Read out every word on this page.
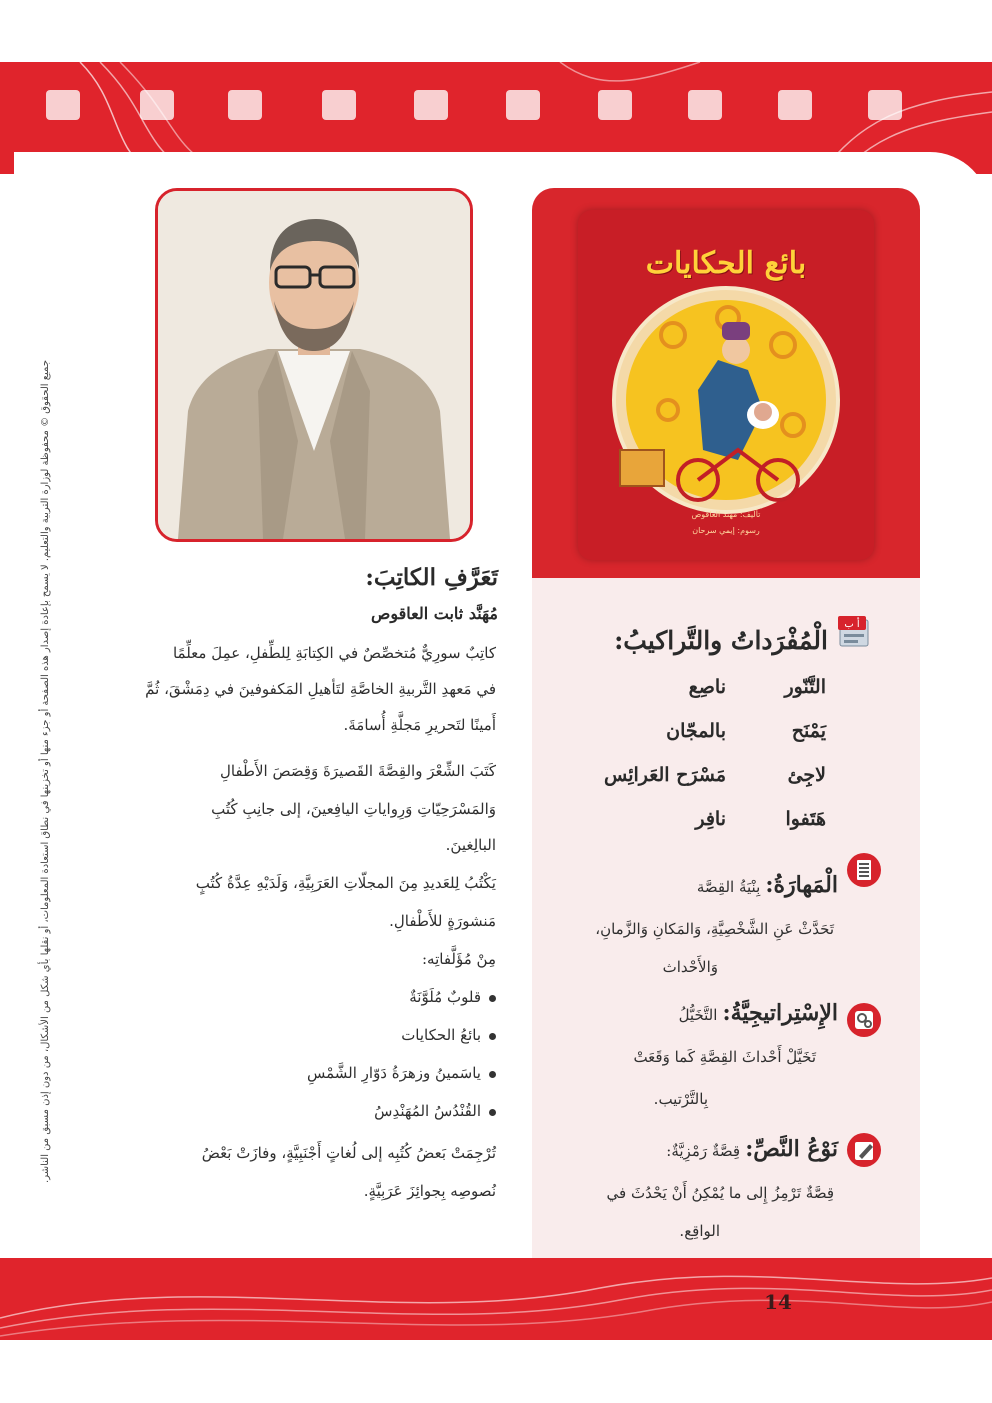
14
جميع الحقوق © محفوظة لوزارة التربية والتعليم. لا يسمح بإعادة إصدار هذه الصفحة أو جزء منها أو تخزينها في نطاق استعادة المعلومات، أو نقلها بأي شكل من الأشكال، من دون إذن مسبق من الناشر.
بائع الحكايات
تأليف: مهند العاقوص
رسوم: إيمي سرحان
أ ب
الْمُفْرَداتُ والتَّراكيبُ:
التَّنّور
ناصِع
يَمْنَح
بالمجّان
لاجِئ
مَسْرَح العَرائِس
هَتَفوا
نافِر
الْمَهارَةُ: بِنْيَةُ القِصَّة
تَحَدَّثْ عَنِ الشَّخْصِيَّةِ، وَالمَكانِ وَالزَّمانِ،
وَالأَحْداث
الإِسْتِراتيجِيَّةُ: التَّخَيُّلُ
تَخَيَّلْ أَحْداثَ القِصَّةِ كَما وَقَعَتْ
بِالتَّرْتيب.
نَوْعُ النَّصِّ: قِصَّةٌ رَمْزِيَّةٌ:
قِصَّةٌ تَرْمِزُ إِلى ما يُمْكِنُ أَنْ يَحْدُثَ في
الواقِع.
تَعَرَّفِ الكاتِبَ:
مُهَنَّد ثابت العاقوص
كاتِبٌ سورِيٌّ مُتخصِّصٌ في الكِتابَةِ لِلطِّفلِ، عمِلَ معلِّمًا
في مَعهدِ التَّربيةِ الخاصَّةِ لتَأهيلِ المَكفوفينَ في دِمَشْقَ، ثُمَّ
أَمينًا لتَحريرِ مَجلَّةِ أُسامَةَ.
كَتَبَ الشِّعْرَ والقِصَّةَ القَصيرَةَ وَقِصَصَ الأَطْفالِ
وَالمَسْرَحِيّاتِ وَرِواياتِ اليافِعينَ، إلى جانِبِ كُتُبِ
البالِغينَ.
يَكْتُبُ لِلعَديدِ مِنَ المجلّاتِ العَرَبِيَّةِ، وَلَدَيْهِ عِدَّةُ كُتُبٍ
مَنشورَةٍ للأَطْفالِ.
مِنْ مُؤَلَّفاتِه:
قلوبٌ مُلَوَّنَةٌ
بائعُ الحكايات
ياسَمينُ وزهرَةُ دَوّارِ الشَّمْسِ
القُنْدُسُ المُهَنْدِسُ
تُرْجِمَتْ بَعضُ كُتُبِه إلى لُغاتٍ أَجْنَبِيَّةٍ، وفازَتْ بَعْضُ
نُصوصِه بِجوائِزَ عَرَبِيَّةٍ.
